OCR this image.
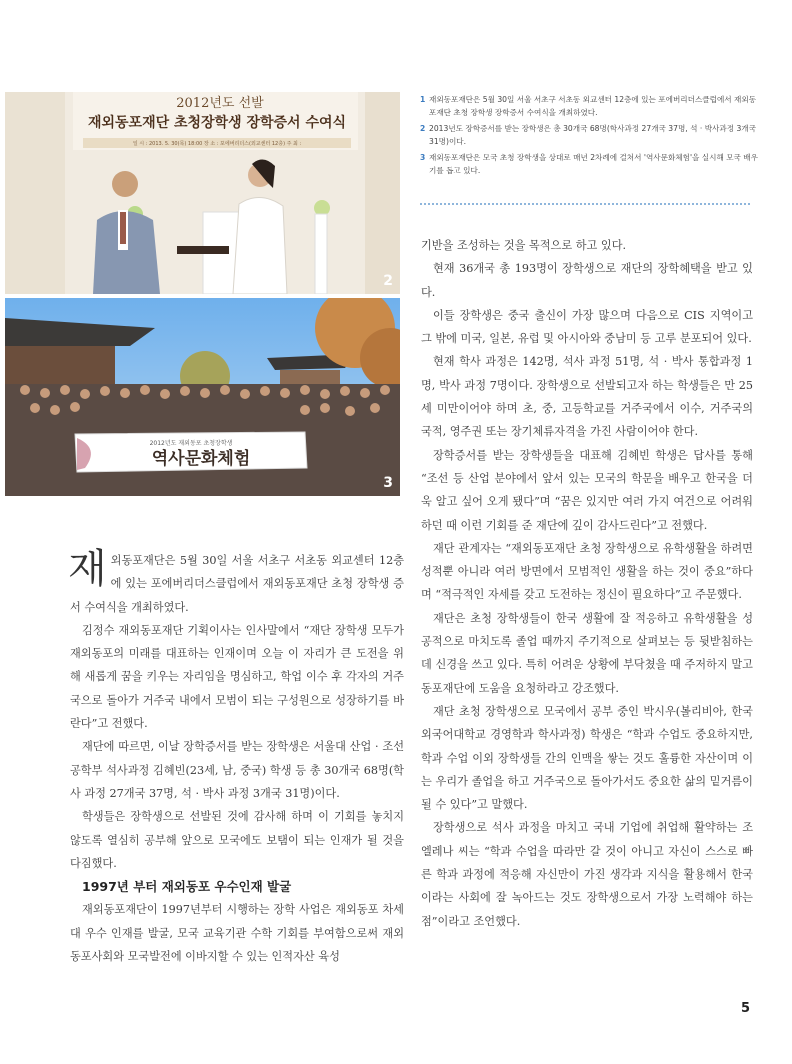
2012년도 선발
재외동포재단 초청장학생 장학증서 수여식
일 시 : 2013. 5. 30(목) 18:00 장 소 : 포에버리더스(외교센터 12층) 주 최 :
2
2012년도 재외동포 초청장학생
역사문화체험
3
1 재외동포재단은 5월 30일 서울 서초구 서초동 외교센터 12층에 있는 포에버리더스클럽에서 재외동포재단 초청 장학생 장학증서 수여식을 개최하였다.
2 2013년도 장학증서를 받는 장학생은 총 30개국 68명(학사과정 27개국 37명, 석 · 박사과정 3개국 31명)이다.
3 재외동포재단은 모국 초청 장학생을 상대로 매년 2차례에 걸쳐서 '역사문화체험'을 실시해 모국 배우기를 돕고 있다.

재외동포재단은 5월 30일 서울 서초구 서초동 외교센터 12층에 있는 포에버리더스클럽에서 재외동포재단 초청 장학생 증서 수여식을 개최하였다.

김정수 재외동포재단 기획이사는 인사말에서 “재단 장학생 모두가 재외동포의 미래를 대표하는 인재이며 오늘 이 자리가 큰 도전을 위해 새롭게 꿈을 키우는 자리임을 명심하고, 학업 이수 후 각자의 거주국으로 돌아가 거주국 내에서 모범이 되는 구성원으로 성장하기를 바란다”고 전했다.

재단에 따르면, 이날 장학증서를 받는 장학생은 서울대 산업 · 조선공학부 석사과정 김혜빈(23세, 남, 중국) 학생 등 총 30개국 68명(학사 과정 27개국 37명, 석 · 박사 과정 3개국 31명)이다.

학생들은 장학생으로 선발된 것에 감사해 하며 이 기회를 놓치지 않도록 열심히 공부해 앞으로 모국에도 보탬이 되는 인재가 될 것을 다짐했다.

1997년 부터 재외동포 우수인재 발굴

재외동포재단이 1997년부터 시행하는 장학 사업은 재외동포 차세대 우수 인재를 발굴, 모국 교육기관 수학 기회를 부여함으로써 재외동포사회와 모국발전에 이바지할 수 있는 인적자산 육성

기반을 조성하는 것을 목적으로 하고 있다.

현재 36개국 총 193명이 장학생으로 재단의 장학혜택을 받고 있다.

이들 장학생은 중국 출신이 가장 많으며 다음으로 CIS 지역이고 그 밖에 미국, 일본, 유럽 및 아시아와 중남미 등 고루 분포되어 있다.

현재 학사 과정은 142명, 석사 과정 51명, 석 · 박사 통합과정 1명, 박사 과정 7명이다. 장학생으로 선발되고자 하는 학생들은 만 25세 미만이어야 하며 초, 중, 고등학교를 거주국에서 이수, 거주국의 국적, 영주권 또는 장기체류자격을 가진 사람이어야 한다.

장학증서를 받는 장학생들을 대표해 김혜빈 학생은 답사를 통해 “조선 등 산업 분야에서 앞서 있는 모국의 학문을 배우고 한국을 더욱 알고 싶어 오게 됐다”며 “꿈은 있지만 여러 가지 여건으로 어려워하던 때 이런 기회를 준 재단에 깊이 감사드린다”고 전했다.

재단 관계자는 “재외동포재단 초청 장학생으로 유학생활을 하려면 성적뿐 아니라 여러 방면에서 모범적인 생활을 하는 것이 중요”하다며 “적극적인 자세를 갖고 도전하는 정신이 필요하다”고 주문했다.

재단은 초청 장학생들이 한국 생활에 잘 적응하고 유학생활을 성공적으로 마치도록 졸업 때까지 주기적으로 살펴보는 등 뒷받침하는데 신경을 쓰고 있다. 특히 어려운 상황에 부닥쳤을 때 주저하지 말고 동포재단에 도움을 요청하라고 강조했다.

재단 초청 장학생으로 모국에서 공부 중인 박시우(볼리비아, 한국외국어대학교 경영학과 학사과정) 학생은 “학과 수업도 중요하지만, 학과 수업 이외 장학생들 간의 인맥을 쌓는 것도 훌륭한 자산이며 이는 우리가 졸업을 하고 거주국으로 돌아가서도 중요한 삶의 밑거름이 될 수 있다”고 말했다.

장학생으로 석사 과정을 마치고 국내 기업에 취업해 활약하는 조엘레나 씨는 “학과 수업을 따라만 갈 것이 아니고 자신이 스스로 빠른 학과 과정에 적응해 자신만이 가진 생각과 지식을 활용해서 한국이라는 사회에 잘 녹아드는 것도 장학생으로서 가장 노력해야 하는 점”이라고 조언했다.

5
